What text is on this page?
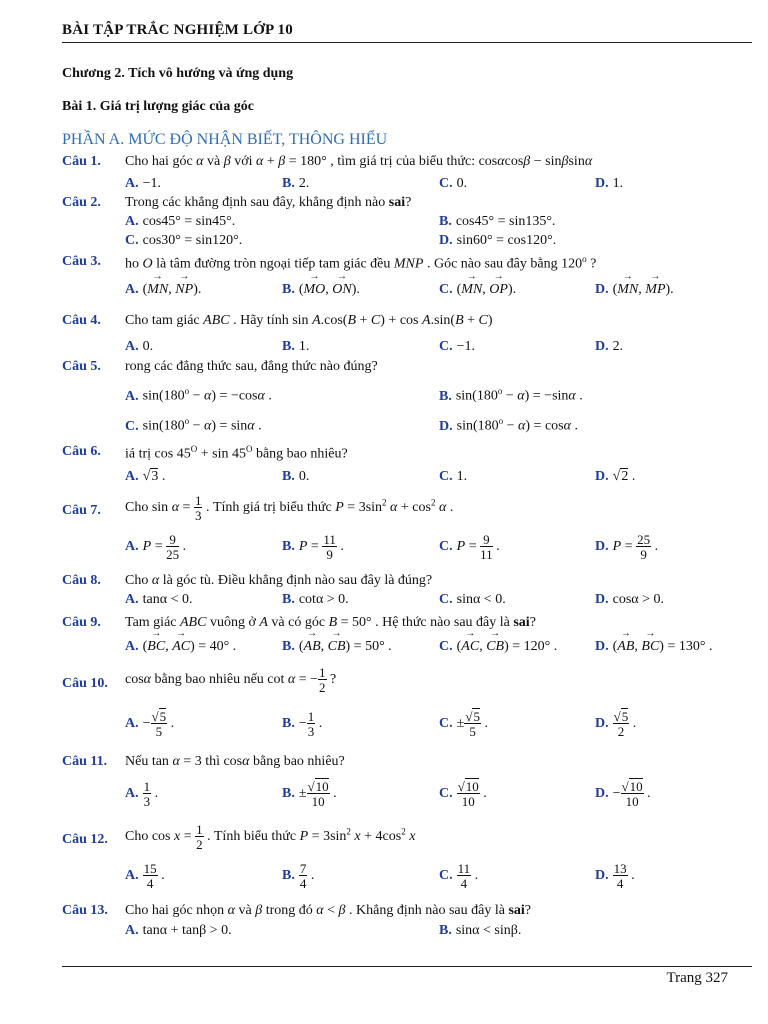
BÀI TẬP TRẮC NGHIỆM LỚP 10
Chương 2. Tích vô hướng và ứng dụng
Bài 1. Giá trị lượng giác của góc
PHẦN A. MỨC ĐỘ NHẬN BIẾT, THÔNG HIỂU
Câu 1. Cho hai góc α và β với α + β = 180° , tìm giá trị của biểu thức: cosαcosβ − sinβsinα
A. −1.	B. 2.	C. 0.	D. 1.
Câu 2. Trong các khẳng định sau đây, khẳng định nào sai?
A. cos45° = sin45°.	B. cos45° = sin135°.
C. cos30° = sin120°.	D. sin60° = cos120°.
Câu 3. ho O là tâm đường tròn ngoại tiếp tam giác đều MNP . Góc nào sau đây bằng 120$^o$ ?
A. (→ MN, → NP).	B. (→ MO, → ON).	C. (→ MN, → OP).	D. (→ MN, → MP).
Câu 4. Cho tam giác ABC . Hãy tính sin A.cos(B + C) + cos A.sin(B + C)
A. 0.	B. 1.	C. −1.	D. 2.
Câu 5. rong các đẳng thức sau, đẳng thức nào đúng?
A. $\sin(180^o - \alpha) = -\cos\alpha$ .	B. $\sin(180^o - \alpha) = -\sin\alpha$ .
C. $\sin(180^o - \alpha) = \sin\alpha$ .	D. $\sin(180^o - \alpha) = \cos\alpha$ .
Câu 6. iá trị $\cos 45^O + \sin 45^O$ bằng bao nhiêu?
A. √3 .	B. 0.	C. 1.	D. √2 .
Câu 7. Cho $\sin \alpha = \frac{1}{3}$ . Tính giá trị biểu thức $P = 3\sin^2$ $\alpha + \cos^2 \alpha$ .
A. $P = \frac{9}{25}$ .	B. $P = \frac{11}{9}$ .	C. $P = \frac{9}{11}$ .	D. $P = \frac{25}{9}$ .
Câu 8. Cho α là góc tù. Điều khẳng định nào sau đây là đúng?
A. tanα < 0.	B. cotα > 0.	C. sinα < 0.	D. cosα > 0.
Câu 9. Tam giác ABC vuông ở A và có góc B = 50° . Hệ thức nào sau đây là sai?
A. (→ BC, → AC) = 40° .	B. (→ AB, → CB) = 50° .	C. (→ AC, → CB) = 120° .	D. (→ AB, → BC) = 130° .
Câu 10. cosα bằng bao nhiêu nếu cot α = − $\frac{1}{2}$ ?
A. − $\frac{√5}{5}$ .	B. − $\frac{1}{3}$ .	C. ± $\frac{√5}{5}$ .	D. $\frac{√5}{2}$ .
Câu 11. Nếu tan α = 3 thì cosα bằng bao nhiêu?
A. $\frac{1}{3}$ .	B. ± $\frac{√10}{10}$ .	C. $\frac{√10}{10}$ .	D. − $\frac{√10}{10}$ .
Câu 12. Cho $\cos x = \frac{1}{2}$ . Tính biểu thức $P = 3\sin^2$ $x + 4\cos^2$ x
A. $\frac{15}{4}$ .	B. $\frac{7}{4}$ .	C. $\frac{11}{4}$ .	D. $\frac{13}{4}$ .
Câu 13. Cho hai góc nhọn α và β trong đó α < β . Khẳng định nào sau đây là sai?
A. tanα + tanβ > 0.	B. sinα < sinβ.
Trang 327
